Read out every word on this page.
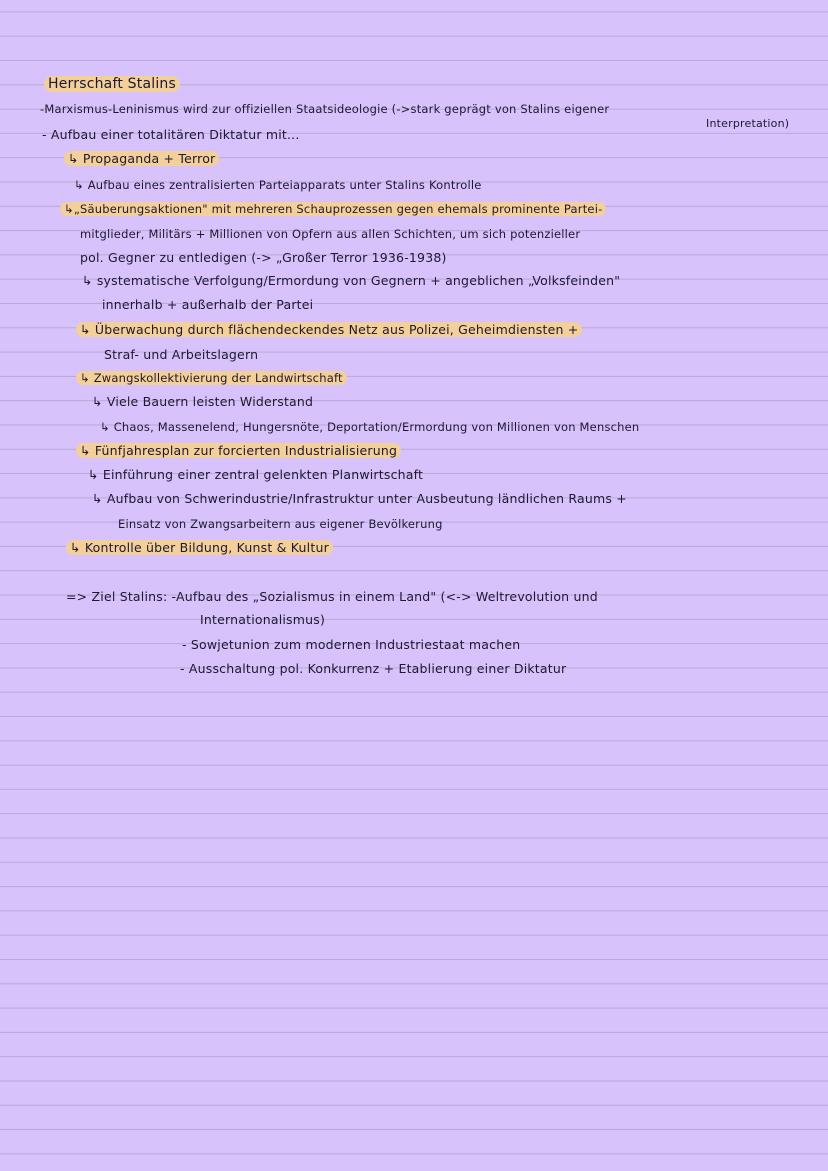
Herrschaft Stalins
-Marxismus-Leninismus wird zur offiziellen Staatsideologie (->stark geprägt von Stalins eigener
Interpretation)
- Aufbau einer totalitären Diktatur mit...
↳ Propaganda + Terror
↳ Aufbau eines zentralisierten Parteiapparats unter Stalins Kontrolle
↳„Säuberungsaktionen" mit mehreren Schauprozessen gegen ehemals prominente Partei-
mitglieder, Militärs + Millionen von Opfern aus allen Schichten, um sich potenzieller
pol. Gegner zu entledigen (-> „Großer Terror 1936-1938)
↳ systematische Verfolgung/Ermordung von Gegnern + angeblichen „Volksfeinden"
innerhalb + außerhalb der Partei
↳ Überwachung durch flächendeckendes Netz aus Polizei, Geheimdiensten +
Straf- und Arbeitslagern
↳ Zwangskollektivierung der Landwirtschaft
↳ Viele Bauern leisten Widerstand
↳ Chaos, Massenelend, Hungersnöte, Deportation/Ermordung von Millionen von Menschen
↳ Fünfjahresplan zur forcierten Industrialisierung
↳ Einführung einer zentral gelenkten Planwirtschaft
↳ Aufbau von Schwerindustrie/Infrastruktur unter Ausbeutung ländlichen Raums +
Einsatz von Zwangsarbeitern aus eigener Bevölkerung
↳ Kontrolle über Bildung, Kunst & Kultur
=> Ziel Stalins: -Aufbau des „Sozialismus in einem Land" (<-> Weltrevolution und
Internationalismus)
- Sowjetunion zum modernen Industriestaat machen
- Ausschaltung pol. Konkurrenz + Etablierung einer Diktatur
